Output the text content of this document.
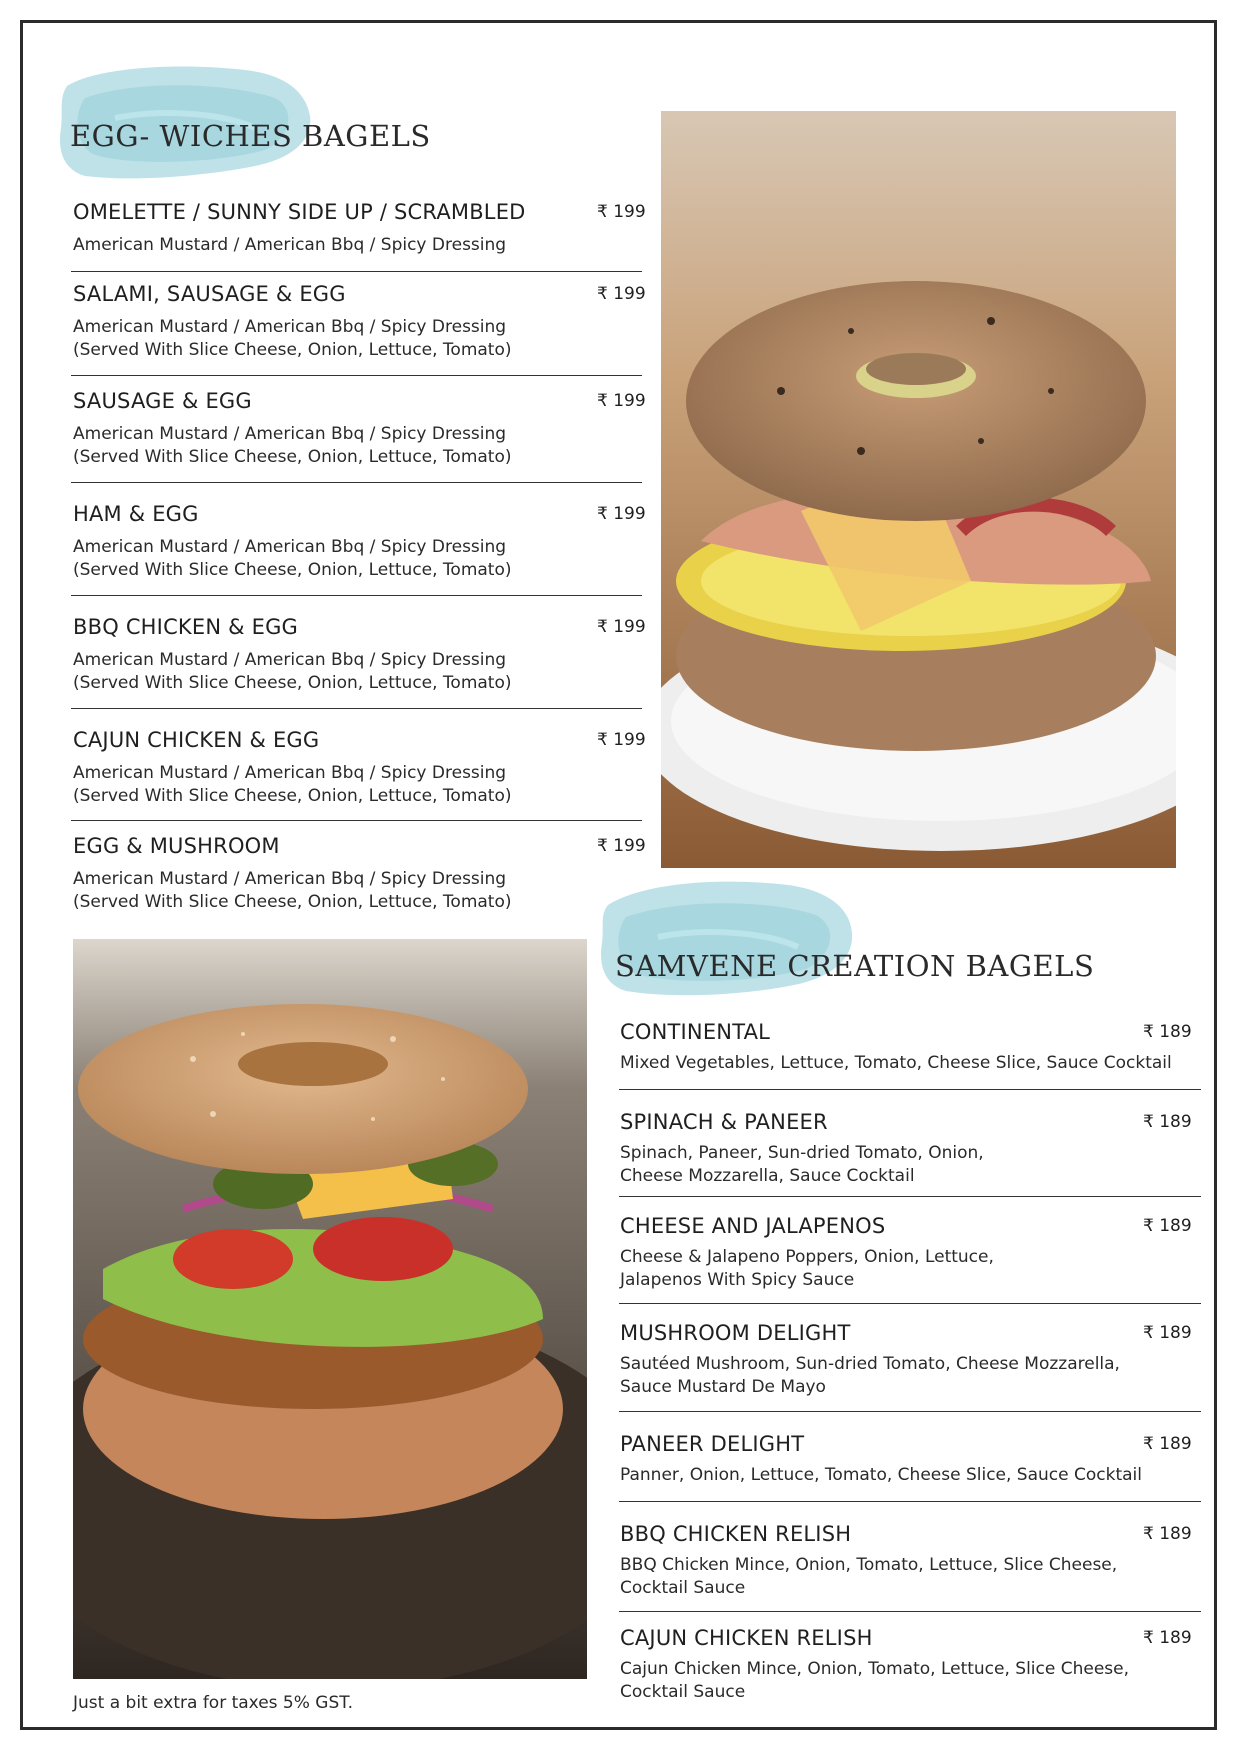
EGG- WICHES BAGELS
OMELETTE / SUNNY SIDE UP / SCRAMBLED	₹ 199
American Mustard / American Bbq / Spicy Dressing
SALAMI, SAUSAGE & EGG	₹ 199
American Mustard / American Bbq / Spicy Dressing
(Served With Slice Cheese, Onion, Lettuce, Tomato)
SAUSAGE & EGG	₹ 199
American Mustard / American Bbq / Spicy Dressing
(Served With Slice Cheese, Onion, Lettuce, Tomato)
HAM & EGG	₹ 199
American Mustard / American Bbq / Spicy Dressing
(Served With Slice Cheese, Onion, Lettuce, Tomato)
BBQ CHICKEN & EGG	₹ 199
American Mustard / American Bbq / Spicy Dressing
(Served With Slice Cheese, Onion, Lettuce, Tomato)
CAJUN CHICKEN & EGG	₹ 199
American Mustard / American Bbq / Spicy Dressing
(Served With Slice Cheese, Onion, Lettuce, Tomato)
EGG & MUSHROOM	₹ 199
American Mustard / American Bbq / Spicy Dressing
(Served With Slice Cheese, Onion, Lettuce, Tomato)
SAMVENE CREATION BAGELS
CONTINENTAL	₹ 189
Mixed Vegetables, Lettuce, Tomato, Cheese Slice, Sauce Cocktail
SPINACH & PANEER	₹ 189
Spinach, Paneer, Sun-dried Tomato, Onion,
Cheese Mozzarella, Sauce Cocktail
CHEESE AND JALAPENOS	₹ 189
Cheese & Jalapeno Poppers, Onion, Lettuce,
Jalapenos With Spicy Sauce
MUSHROOM DELIGHT	₹ 189
Sautéed Mushroom, Sun-dried Tomato, Cheese Mozzarella,
Sauce Mustard De Mayo
PANEER DELIGHT	₹ 189
Panner, Onion, Lettuce, Tomato, Cheese Slice, Sauce Cocktail
BBQ CHICKEN RELISH	₹ 189
BBQ Chicken Mince, Onion, Tomato, Lettuce, Slice Cheese,
Cocktail Sauce
CAJUN CHICKEN RELISH	₹ 189
Cajun Chicken Mince, Onion, Tomato, Lettuce, Slice Cheese,
Cocktail Sauce
Just a bit extra for taxes 5% GST.
